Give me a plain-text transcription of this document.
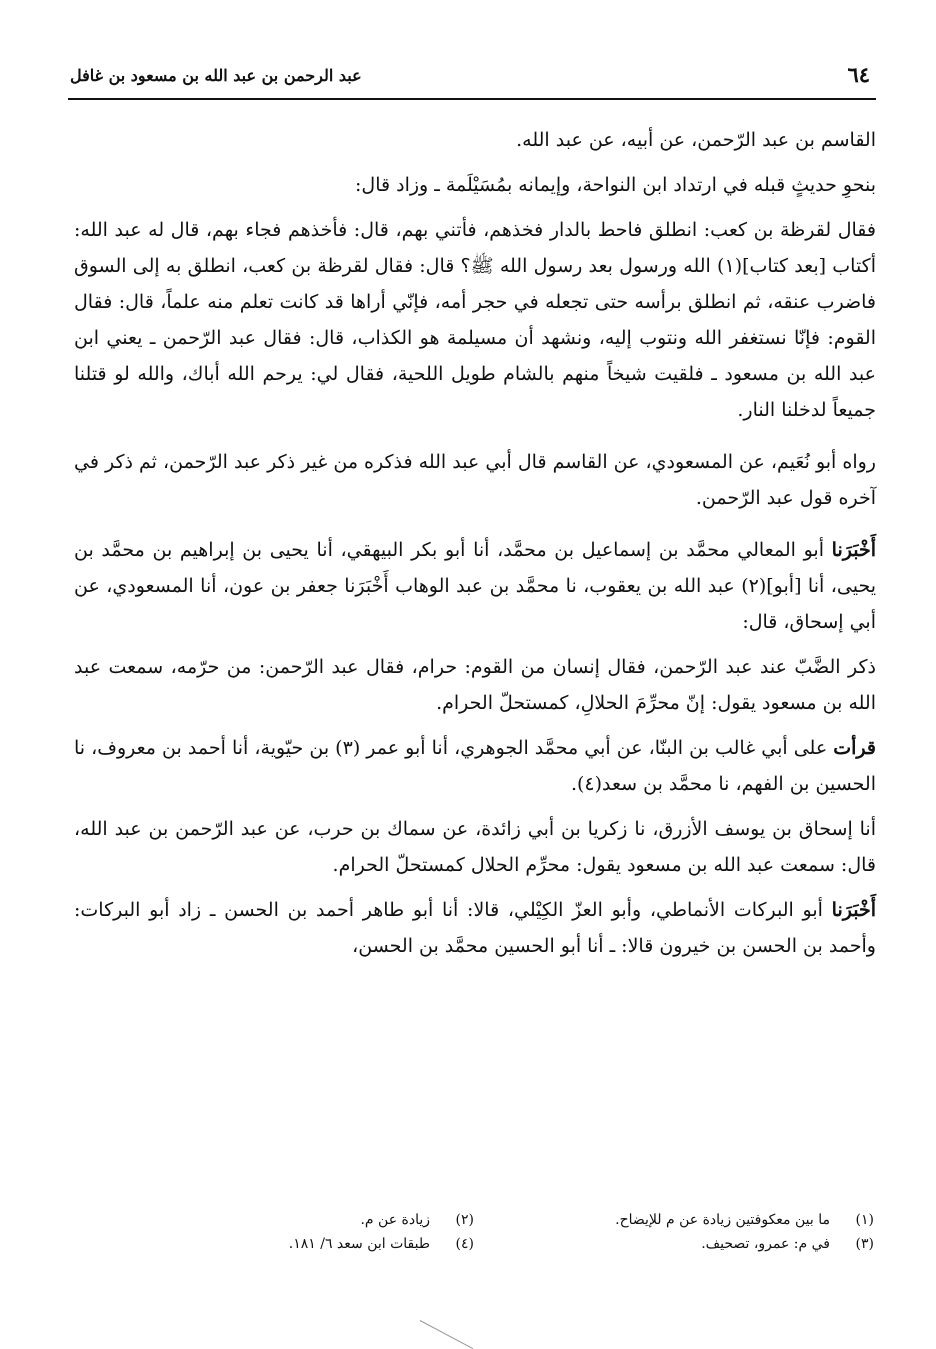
٦٤
عبد الرحمن بن عبد الله بن مسعود بن غافل

القاسم بن عبد الرّحمن، عن أبيه، عن عبد الله.

بنحوِ حديثٍ قبله في ارتداد ابن النواحة، وإيمانه بمُسَيْلَمة ـ وزاد قال:

فقال لقرظة بن كعب: انطلق فاحط بالدار فخذهم، فأتني بهم، قال: فأخذهم فجاء بهم، قال له عبد الله: أكتاب [بعد كتاب](١) الله ورسول بعد رسول الله ﷺ؟ قال: فقال لقرظة بن كعب، انطلق به إلى السوق فاضرب عنقه، ثم انطلق برأسه حتى تجعله في حجر أمه، فإنّي أراها قد كانت تعلم منه علماً، قال: فقال القوم: فإنّا نستغفر الله ونتوب إليه، ونشهد أن مسيلمة هو الكذاب، قال: فقال عبد الرّحمن ـ يعني ابن عبد الله بن مسعود ـ فلقيت شيخاً منهم بالشام طويل اللحية، فقال لي: يرحم الله أباك، والله لو قتلنا جميعاً لدخلنا النار.

رواه أبو نُعَيم، عن المسعودي، عن القاسم قال أبي عبد الله فذكره من غير ذكر عبد الرّحمن، ثم ذكر في آخره قول عبد الرّحمن.

أَخْبَرَنا أبو المعالي محمَّد بن إسماعيل بن محمَّد، أنا أبو بكر البيهقي، أنا يحيى بن إبراهيم بن محمَّد بن يحيى، أنا [أبو](٢) عبد الله بن يعقوب، نا محمَّد بن عبد الوهاب أَخْبَرَنا جعفر بن عون، أنا المسعودي، عن أبي إسحاق، قال:

ذكر الضَّبّ عند عبد الرّحمن، فقال إنسان من القوم: حرام، فقال عبد الرّحمن: من حرّمه، سمعت عبد الله بن مسعود يقول: إنّ محرِّمَ الحلالِ، كمستحلّ الحرام.

قرأت على أبي غالب بن البنّا، عن أبي محمَّد الجوهري، أنا أبو عمر (٣) بن حيّوية، أنا أحمد بن معروف، نا الحسين بن الفهم، نا محمَّد بن سعد(٤).

أنا إسحاق بن يوسف الأزرق، نا زكريا بن أبي زائدة، عن سماك بن حرب، عن عبد الرّحمن بن عبد الله، قال: سمعت عبد الله بن مسعود يقول: محرِّم الحلال كمستحلّ الحرام.

أَخْبَرَنا أبو البركات الأنماطي، وأبو العزّ الكِيْلي، قالا: أنا أبو طاهر أحمد بن الحسن ـ زاد أبو البركات: وأحمد بن الحسن بن خيرون قالا: ـ أنا أبو الحسين محمَّد بن الحسن،

(١)ما بين معكوفتين زيادة عن م للإيضاح.
(٣)في م: عمرو، تصحيف.
(٢)زيادة عن م.
(٤)طبقات ابن سعد ٦/ ١٨١.
